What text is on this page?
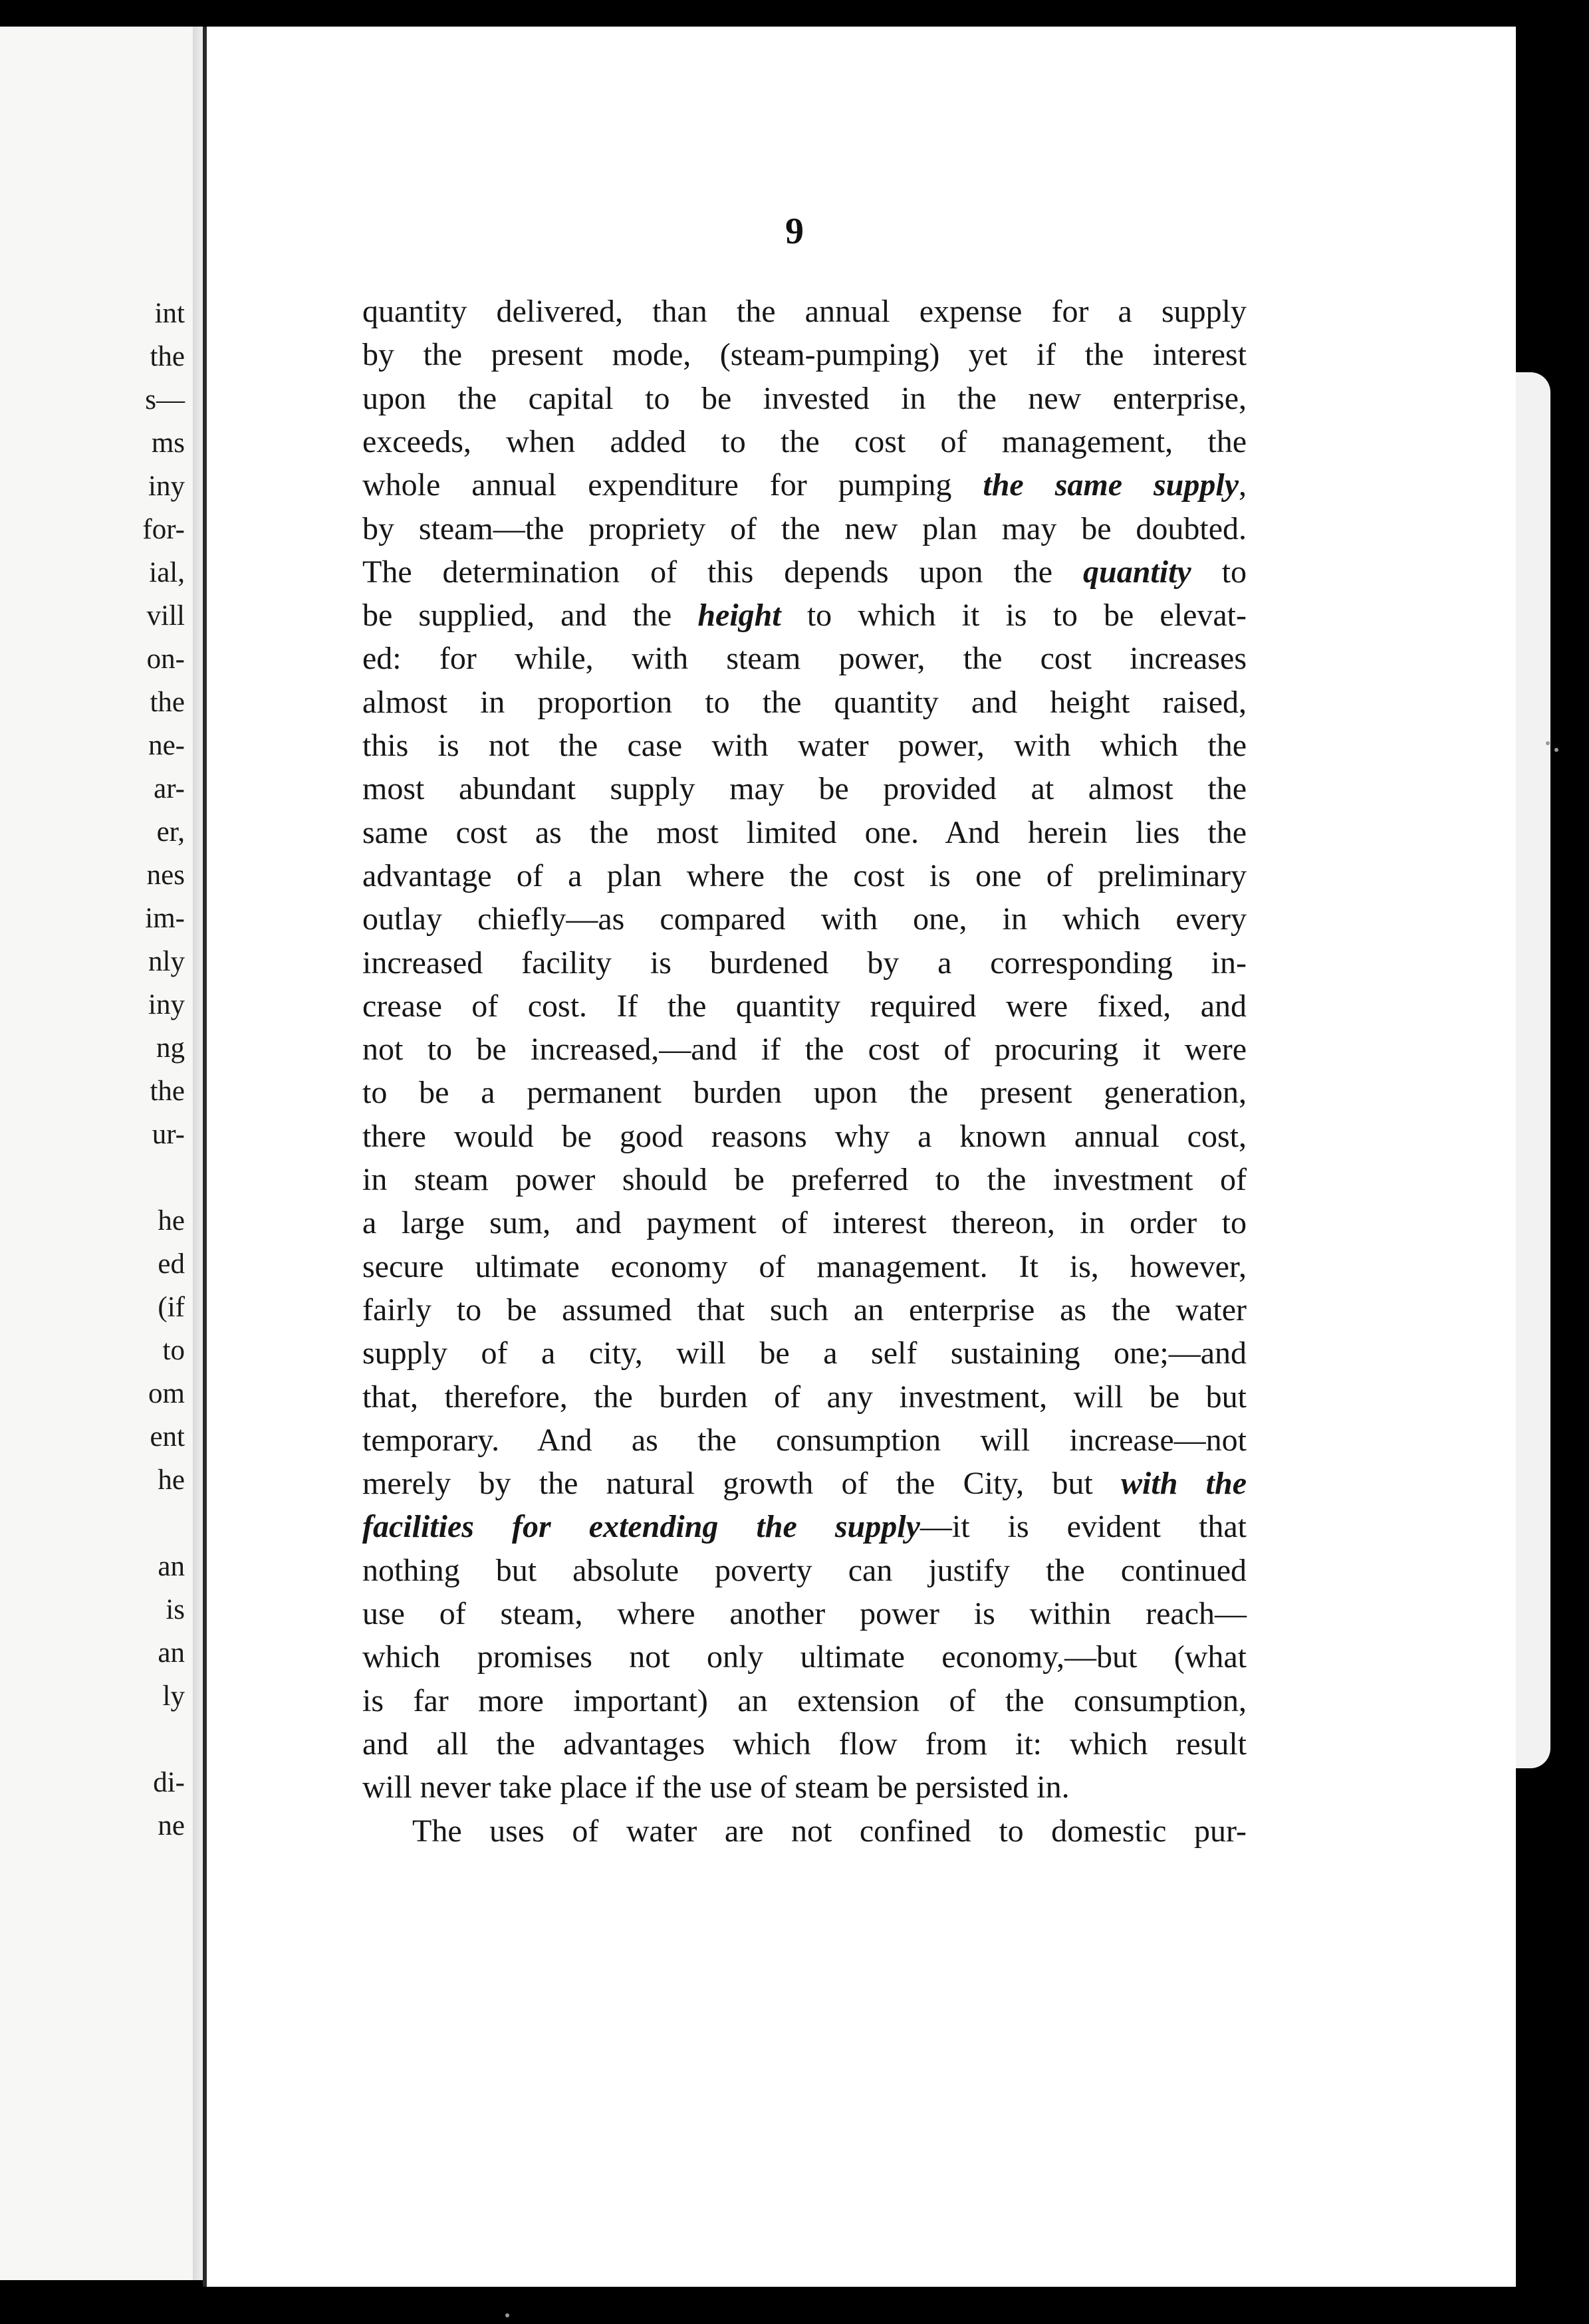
int
the
s—
ms
iny
for-
ial,
vill
on-
the
ne-
ar-
er,
nes
im-
nly
iny
ng
the
ur-
he
ed
(if
to
om
ent
he
an
is
an
ly
di-
ne
9
quantity delivered, than the annual expense for a supply
by the present mode, (steam-pumping) yet if the interest
upon the capital to be invested in the new enterprise,
exceeds, when added to the cost of management, the
whole annual expenditure for pumping the same supply,
by steam—the propriety of the new plan may be doubted.
The determination of this depends upon the quantity to
be supplied, and the height to which it is to be elevat-
ed: for while, with steam power, the cost increases
almost in proportion to the quantity and height raised,
this is not the case with water power, with which the
most abundant supply may be provided at almost the
same cost as the most limited one. And herein lies the
advantage of a plan where the cost is one of preliminary
outlay chiefly—as compared with one, in which every
increased facility is burdened by a corresponding in-
crease of cost. If the quantity required were fixed, and
not to be increased,—and if the cost of procuring it were
to be a permanent burden upon the present generation,
there would be good reasons why a known annual cost,
in steam power should be preferred to the investment of
a large sum, and payment of interest thereon, in order to
secure ultimate economy of management. It is, however,
fairly to be assumed that such an enterprise as the water
supply of a city, will be a self sustaining one;—and
that, therefore, the burden of any investment, will be but
temporary. And as the consumption will increase—not
merely by the natural growth of the City, but with the
facilities for extending the supply—it is evident that
nothing but absolute poverty can justify the continued
use of steam, where another power is within reach—
which promises not only ultimate economy,—but (what
is far more important) an extension of the consumption,
and all the advantages which flow from it: which result
will never take place if the use of steam be persisted in.
The uses of water are not confined to domestic pur-
